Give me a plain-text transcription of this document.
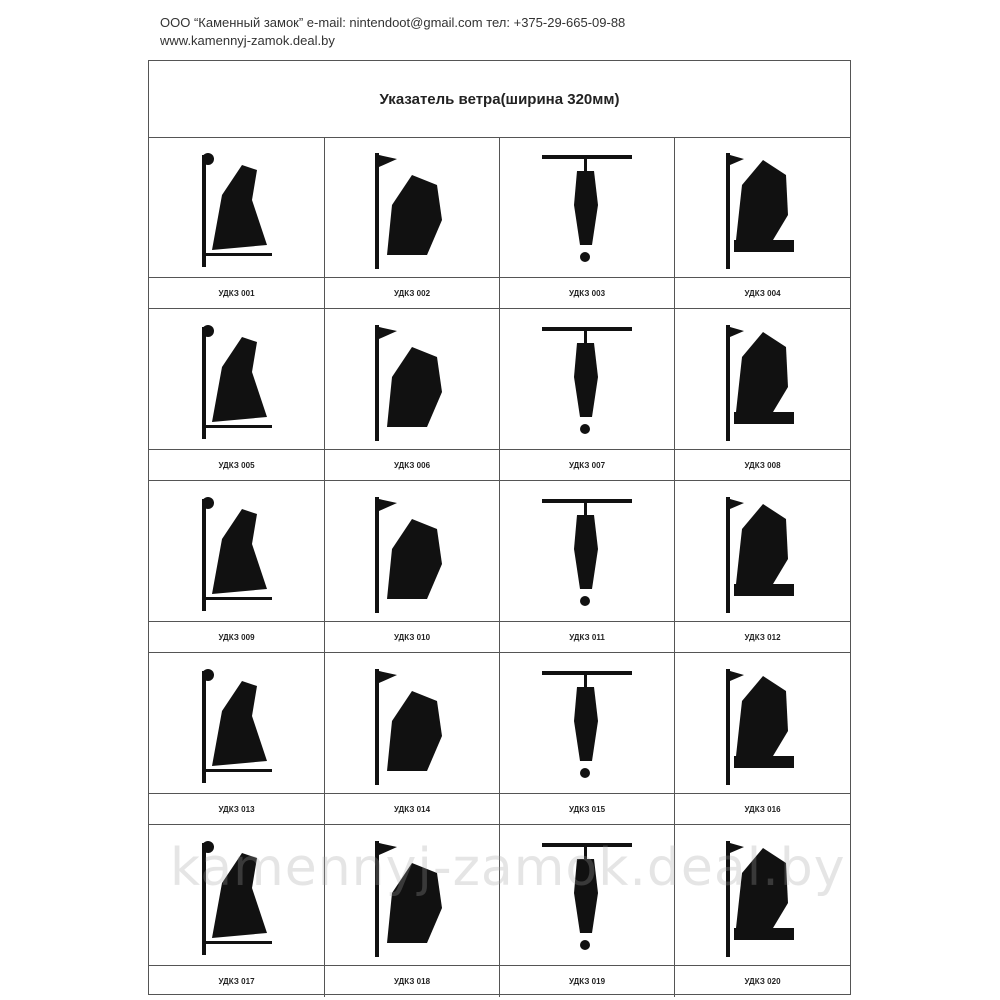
ООО “Каменный замок” e-mail: nintendoot@gmail.com тел: +375-29-665-09-88
www.kamennyj-zamok.deal.by
Указатель ветра(ширина 320мм)
УДКЗ 001	УДКЗ 002	УДКЗ 003	УДКЗ 004
УДКЗ 005	УДКЗ 006	УДКЗ 007	УДКЗ 008
УДКЗ 009	УДКЗ 010	УДКЗ 011	УДКЗ 012
УДКЗ 013	УДКЗ 014	УДКЗ 015	УДКЗ 016
УДКЗ 017	УДКЗ 018	УДКЗ 019	УДКЗ 020
kamennyj-zamok.deal.by
